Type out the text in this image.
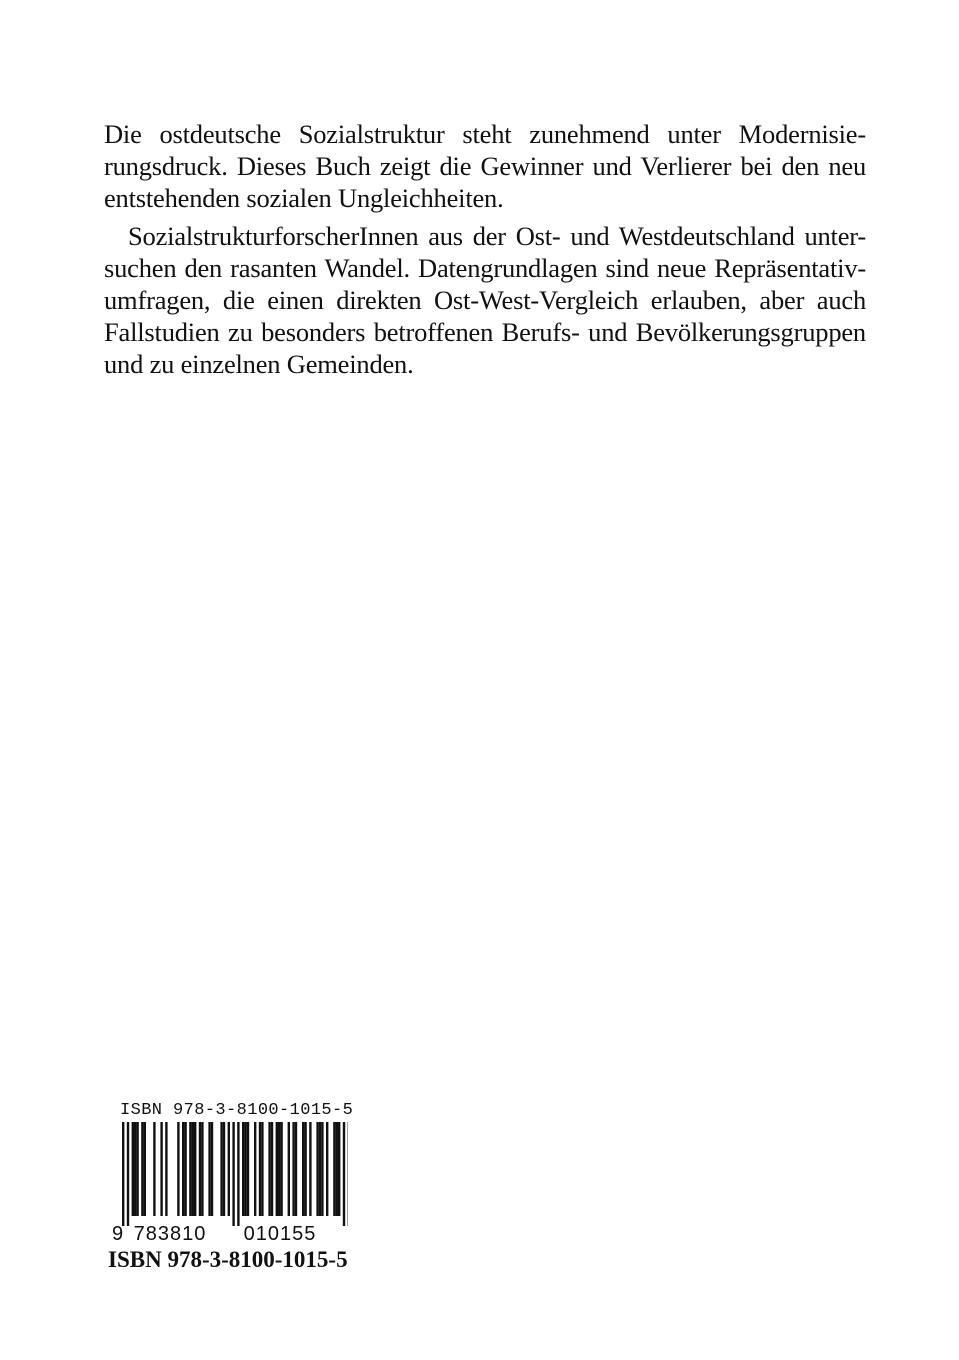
Die ostdeutsche Sozialstruktur steht zunehmend unter Modernisie-
rungsdruck. Dieses Buch zeigt die Gewinner und Verlierer bei den neu
entstehenden sozialen Ungleichheiten.
SozialstrukturforscherInnen aus der Ost- und Westdeutschland unter-
suchen den rasanten Wandel. Datengrundlagen sind neue Repräsentativ-
umfragen, die einen direkten Ost-West-Vergleich erlauben, aber auch
Fallstudien zu besonders betroffenen Berufs- und Bevölkerungsgruppen
und zu einzelnen Gemeinden.
ISBN 978-3-8100-1015-5
9 783810 010155
ISBN 978-3-8100-1015-5
